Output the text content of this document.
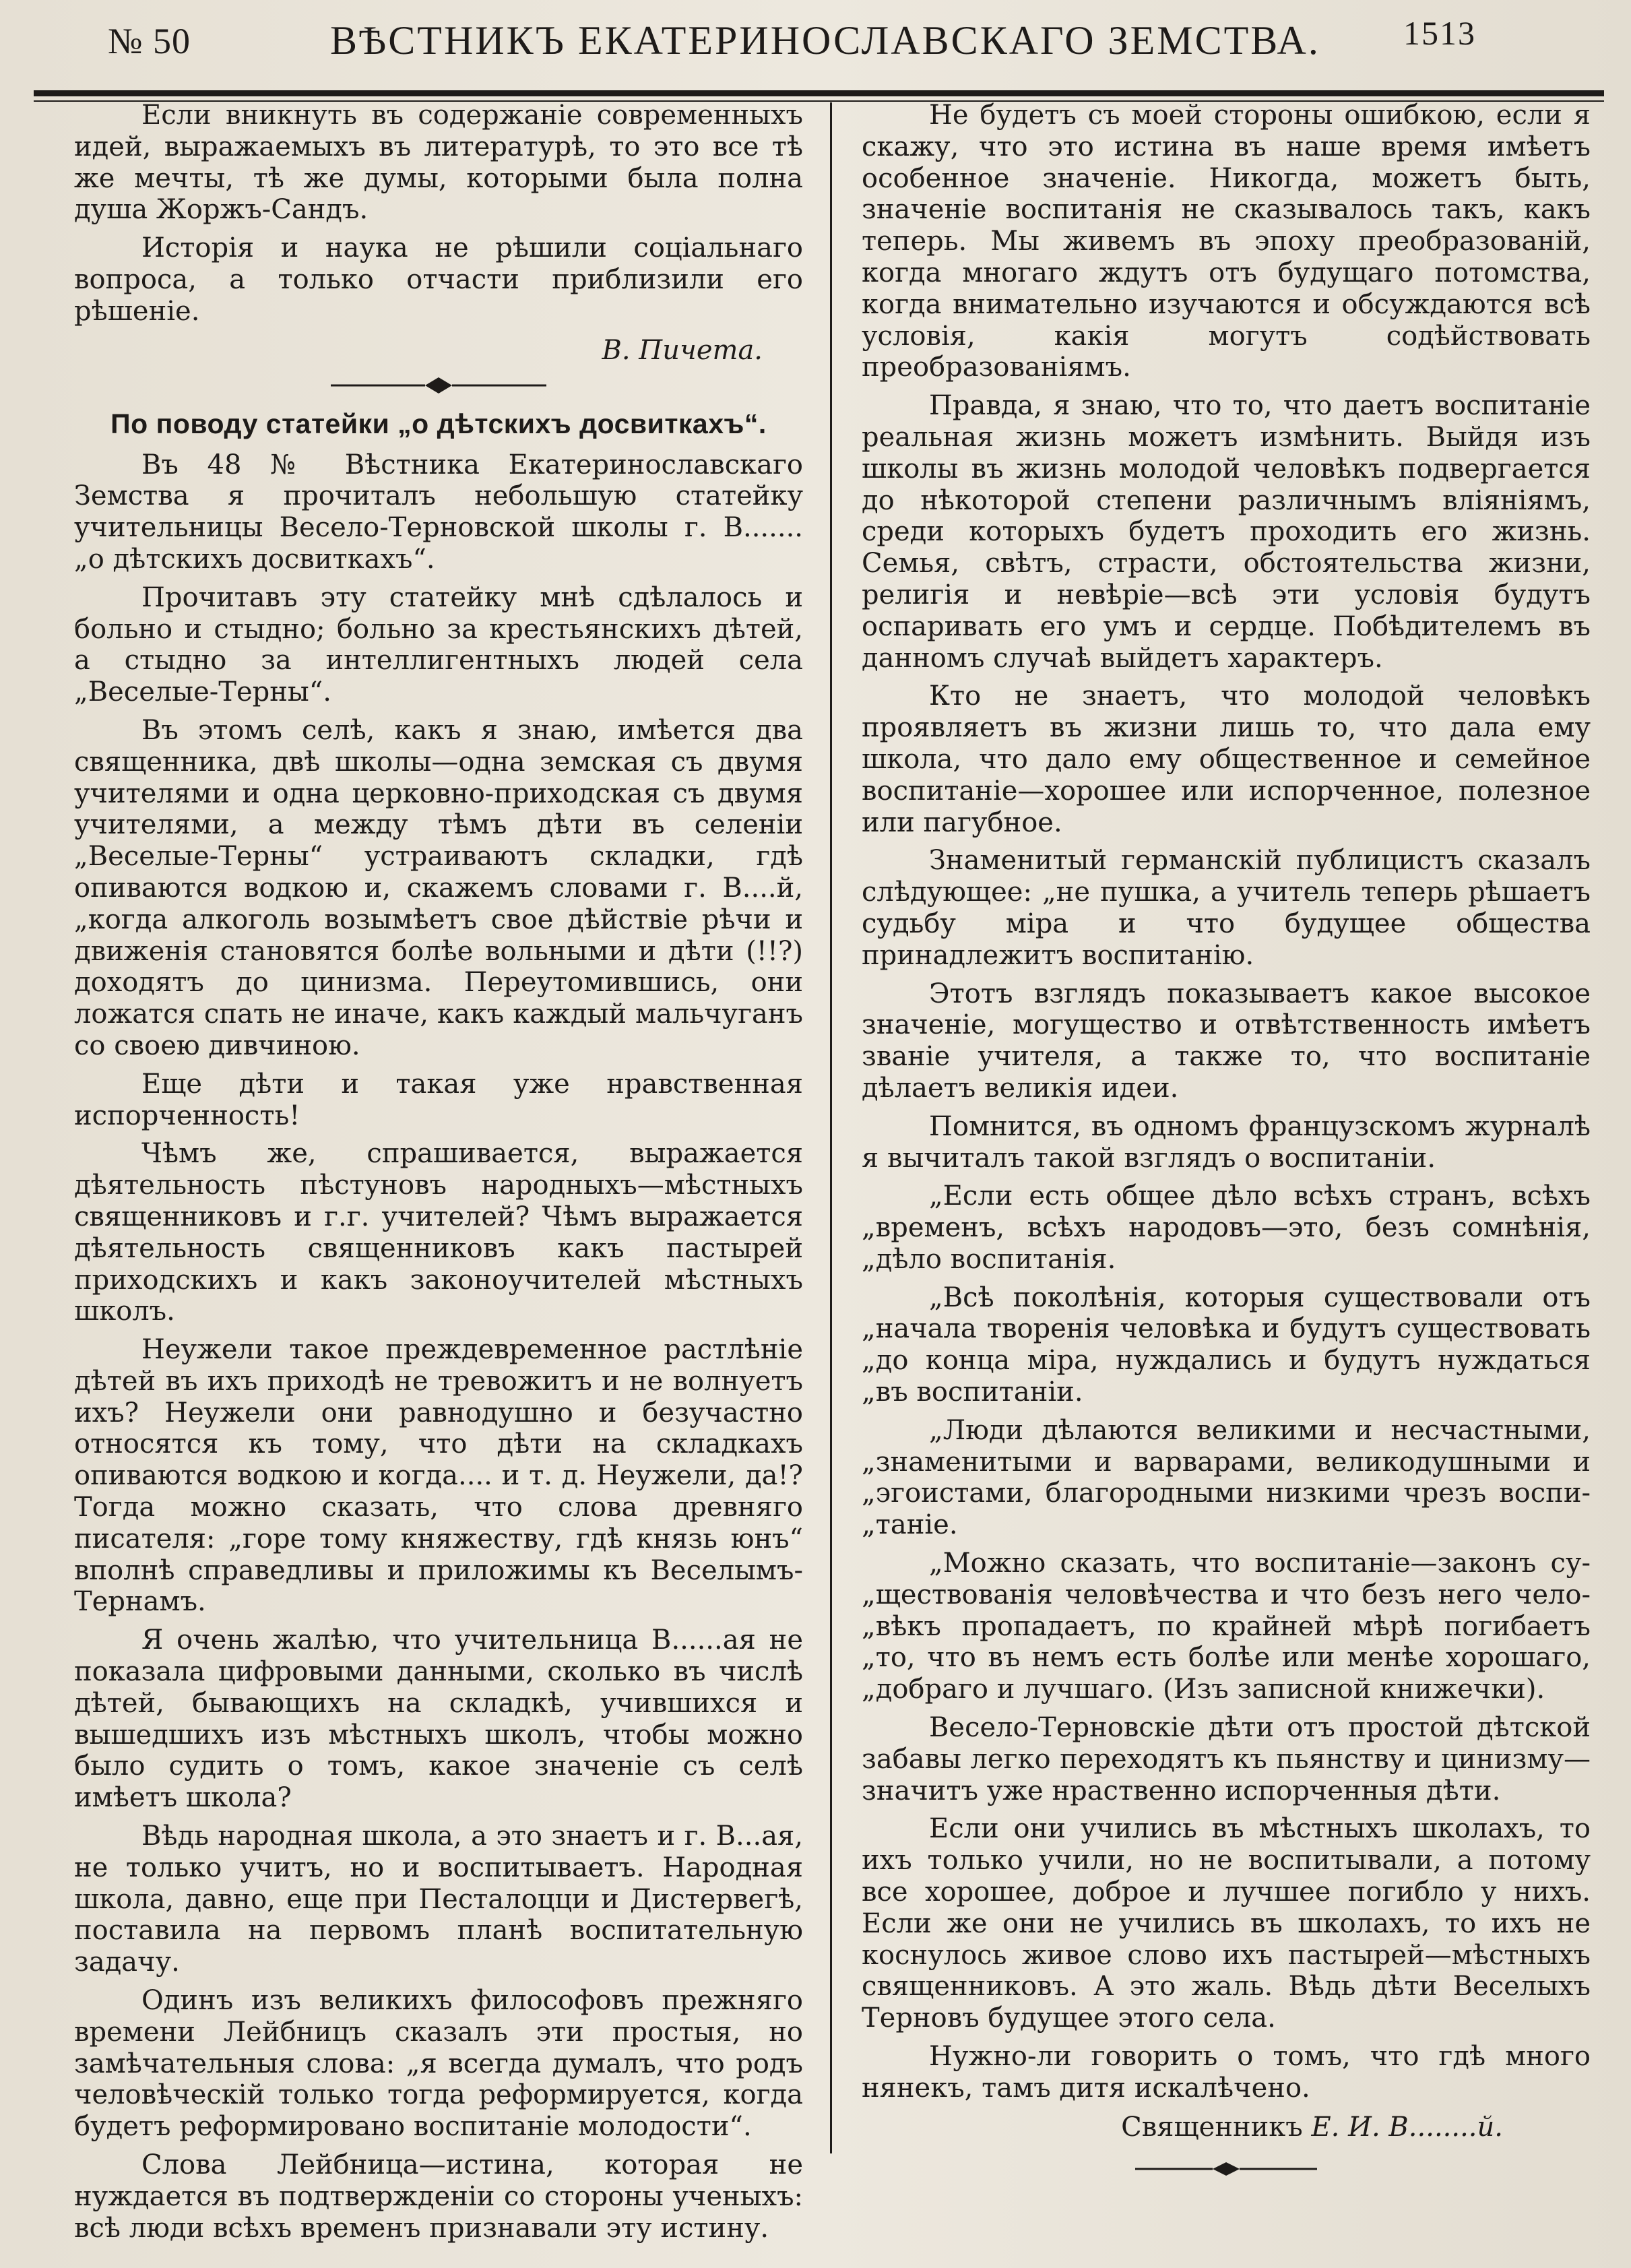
№ 50	ВѢСТНИКЪ ЕКАТЕРИНОСЛАВСКАГО ЗЕМСТВА. 1513

Если вникнуть въ содержаніе современныхъ идей, выражаемыхъ въ литературѣ, то это все тѣ же мечты, тѣ же думы, которыми была полна душа Жоржъ-Сандъ.

Исторія и наука не рѣшили соціальнаго вопроса, а только отчасти приблизили его рѣшеніе.

В. Пичета.
По поводу статейки „о дѣтскихъ досвиткахъ“.

Въ 48 № Вѣстника Екатеринославскаго Земства я прочиталъ небольшую статейку учительницы Весело-Терновской школы г. В....... „о дѣтскихъ досвиткахъ“.

Прочитавъ эту статейку мнѣ сдѣлалось и больно и стыдно; больно за крестьянскихъ дѣтей, а стыдно за интеллигентныхъ людей села „Веселые-Терны“.

Въ этомъ селѣ, какъ я знаю, имѣется два священника, двѣ школы—одна земская съ двумя учителями и одна церковно-приходская съ двумя учителями, а между тѣмъ дѣти въ селеніи „Веселые-Терны“ устраиваютъ складки, гдѣ опиваются водкою и, скажемъ словами г. В....й, „когда алкоголь возымѣетъ свое дѣйствіе рѣчи и движенія становятся болѣе вольными и дѣти (!!?) доходятъ до цинизма. Переутомившись, они ложатся спать не иначе, какъ каждый мальчуганъ со своею дивчиною.

Еще дѣти и такая уже нравственная испорченность!

Чѣмъ же, спрашивается, выражается дѣятельность пѣстуновъ народныхъ—мѣстныхъ священниковъ и г.г. учителей? Чѣмъ выражается дѣятельность священниковъ какъ пастырей приходскихъ и какъ законоучителей мѣстныхъ школъ.

Неужели такое преждевременное растлѣніе дѣтей въ ихъ приходѣ не тревожитъ и не волнуетъ ихъ? Неужели они равнодушно и безучастно относятся къ тому, что дѣти на складкахъ опиваются водкою и когда.... и т. д. Неужели, да!? Тогда можно сказать, что слова древняго писателя: „горе тому княжеству, гдѣ князь юнъ“ вполнѣ справедливы и приложимы къ Веселымъ-Тернамъ.

Я очень жалѣю, что учительница В......ая не показала цифровыми данными, сколько въ числѣ дѣтей, бывающихъ на складкѣ, учившихся и вышедшихъ изъ мѣстныхъ школъ, чтобы можно было судить о томъ, какое значеніе съ селѣ имѣетъ школа?

Вѣдь народная школа, а это знаетъ и г. В...ая, не только учитъ, но и воспитываетъ. Народная школа, давно, еще при Песталоцци и Дистервегѣ, поставила на первомъ планѣ воспитательную задачу.

Одинъ изъ великихъ философовъ прежняго времени Лейбницъ сказалъ эти простыя, но замѣчательныя слова: „я всегда думалъ, что родъ человѣческій только тогда реформируется, когда будетъ реформировано воспитаніе молодости“.

Слова Лейбница—истина, которая не нуждается въ подтвержденіи со стороны ученыхъ: всѣ люди всѣхъ временъ признавали эту истину.

Не будетъ съ моей стороны ошибкою, если я скажу, что это истина въ наше время имѣетъ особенное значеніе. Никогда, можетъ быть, значеніе воспитанія не сказывалось такъ, какъ теперь. Мы живемъ въ эпоху преобразованій, когда многаго ждутъ отъ будущаго потомства, когда внимательно изучаются и обсуждаются всѣ условія, какія могутъ содѣйствовать преобразованіямъ.

Правда, я знаю, что то, что даетъ воспитаніе реальная жизнь можетъ измѣнить. Выйдя изъ школы въ жизнь молодой человѣкъ подвергается до нѣкоторой степени различнымъ вліяніямъ, среди которыхъ будетъ проходить его жизнь. Семья, свѣтъ, страсти, обстоятельства жизни, религія и невѣріе—всѣ эти условія будутъ оспаривать его умъ и сердце. Побѣдителемъ въ данномъ случаѣ выйдетъ характеръ.

Кто не знаетъ, что молодой человѣкъ проявляетъ въ жизни лишь то, что дала ему школа, что дало ему общественное и семейное воспитаніе—хорошее или испорченное, полезное или пагубное.

Знаменитый германскій публицистъ сказалъ слѣдующее: „не пушка, а учитель теперь рѣшаетъ судьбу міра и что будущее общества принадлежитъ воспитанію.

Этотъ взглядъ показываетъ какое высокое значеніе, могущество и отвѣтственность имѣетъ званіе учителя, а также то, что воспитаніе дѣлаетъ великія идеи.

Помнится, въ одномъ французскомъ журналѣ я вычиталъ такой взглядъ о воспитаніи.

„Если есть общее дѣло всѣхъ странъ, всѣхъ „временъ, всѣхъ народовъ—это, безъ сомнѣнія, „дѣло воспитанія.

„Всѣ поколѣнія, которыя существовали отъ „начала творенія человѣка и будутъ существовать „до конца міра, нуждались и будутъ нуждаться „въ воспитаніи.

„Люди дѣлаются великими и несчастными, „знаменитыми и варварами, великодушными и „эгоистами, благородными низкими чрезъ воспи- „таніе.

„Можно сказать, что воспитаніе—законъ су- „ществованія человѣчества и что безъ него чело- „вѣкъ пропадаетъ, по крайней мѣрѣ погибаетъ „то, что въ немъ есть болѣе или менѣе хорошаго, „добраго и лучшаго. (Изъ записной книжечки).

Весело-Терновскіе дѣти отъ простой дѣтской забавы легко переходятъ къ пьянству и цинизму—значитъ уже нраственно испорченныя дѣти.

Если они учились въ мѣстныхъ школахъ, то ихъ только учили, но не воспитывали, а потому все хорошее, доброе и лучшее погибло у нихъ. Если же они не учились въ школахъ, то ихъ не коснулось живое слово ихъ пастырей—мѣстныхъ священниковъ. А это жаль. Вѣдь дѣти Веселыхъ Терновъ будущее этого села.

Нужно-ли говорить о томъ, что гдѣ много нянекъ, тамъ дитя искалѣчено.

Священникъ Е. И. В........й.
